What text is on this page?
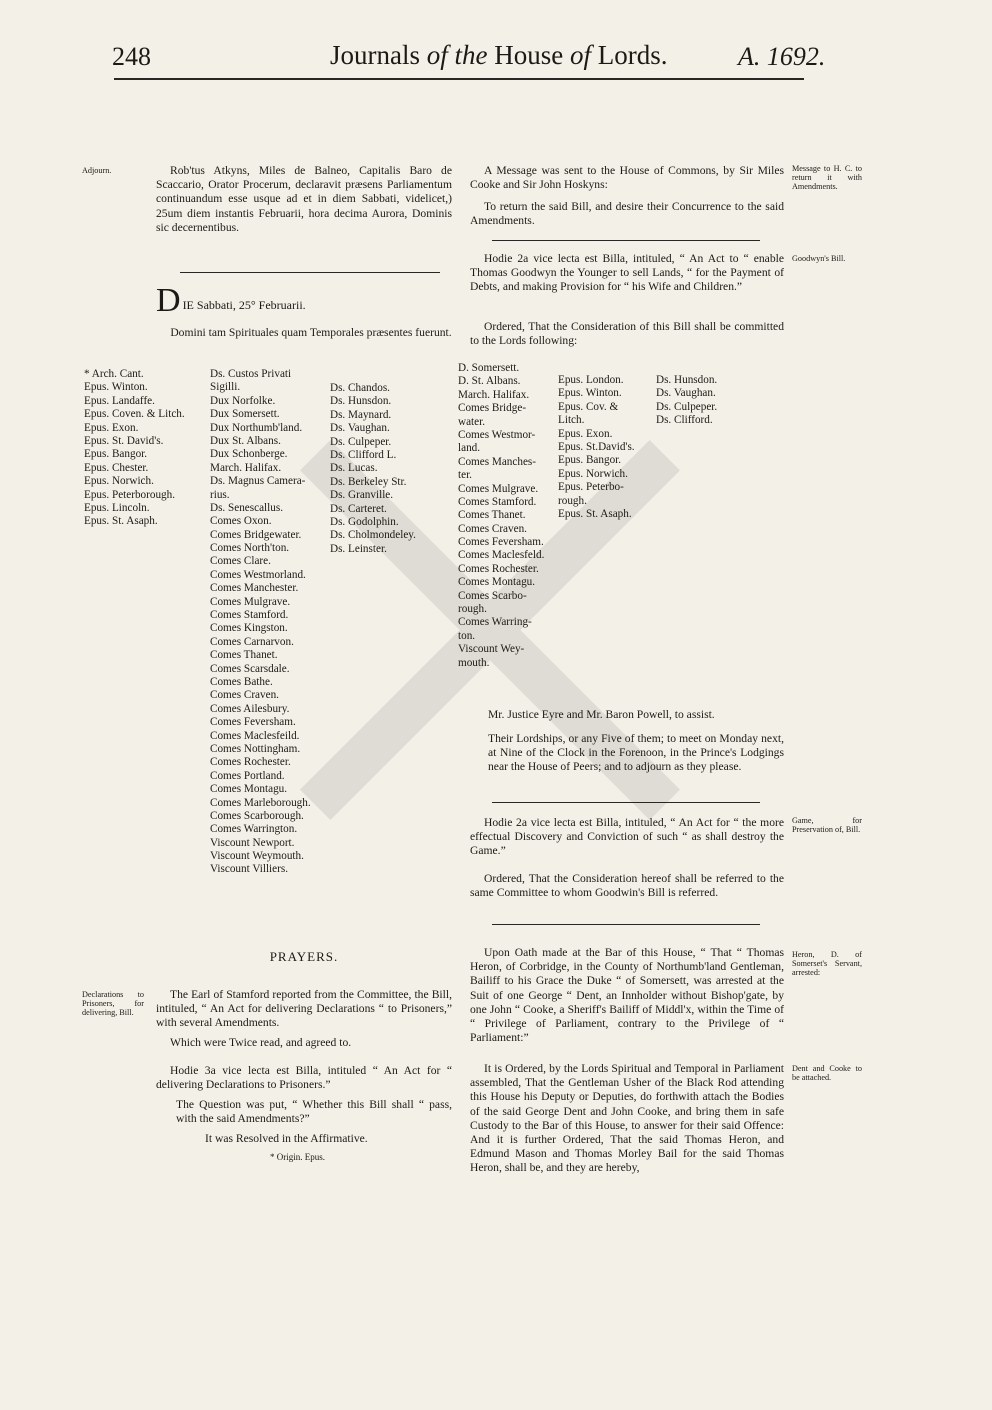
248	Journals of the House of Lords.	A. 1692.
Adjourn.	Rob'tus Atkyns, Miles de Balneo, Capitalis Baro de Scaccario, Orator Procerum, declaravit præsens Parliamentum continuandum esse usque ad et in diem Sabbati, videlicet,) 25um diem instantis Februarii, hora decima Aurora, Dominis sic decernentibus.
D IE Sabbati, 25° Februarii.
Domini tam Spirituales quam Temporales præsentes fuerunt.
* Arch. Cant.
Epus. Winton.
Epus. Landaffe.
Epus. Coven. & Litch.
Epus. Exon.
Epus. St. David's.
Epus. Bangor.
Epus. Chester.
Epus. Norwich.
Epus. Peterborough.
Epus. Lincoln.
Epus. St. Asaph.
Ds. Custos Privati
Sigilli.
Dux Norfolke.
Dux Somersett.
Dux Northumb'land.
Dux St. Albans.
Dux Schonberge.
March. Halifax.
Ds. Magnus Camera-
rius.
Ds. Senescallus.
Comes Oxon.
Comes Bridgewater.
Comes North'ton.
Comes Clare.
Comes Westmorland.
Comes Manchester.
Comes Mulgrave.
Comes Stamford.
Comes Kingston.
Comes Carnarvon.
Comes Thanet.
Comes Scarsdale.
Comes Bathe.
Comes Craven.
Comes Ailesbury.
Comes Feversham.
Comes Maclesfeild.
Comes Nottingham.
Comes Rochester.
Comes Portland.
Comes Montagu.
Comes Marleborough.
Comes Scarborough.
Comes Warrington.
Viscount Newport.
Viscount Weymouth.
Viscount Villiers.
Ds. Chandos.
Ds. Hunsdon.
Ds. Maynard.
Ds. Vaughan.
Ds. Culpeper.
Ds. Clifford L.
Ds. Lucas.
Ds. Berkeley Str.
Ds. Granville.
Ds. Carteret.
Ds. Godolphin.
Ds. Cholmondeley.
Ds. Leinster.
PRAYERS.
Declarations to Prisoners, for delivering, Bill.
The Earl of Stamford reported from the Committee, the Bill, intituled, “ An Act for delivering Declarations “ to Prisoners,” with several Amendments.
Which were Twice read, and agreed to.
Hodie 3a vice lecta est Billa, intituled “ An Act for “ delivering Declarations to Prisoners.”
The Question was put, “ Whether this Bill shall “ pass, with the said Amendments?”
It was Resolved in the Affirmative.
* Origin. Epus.
A Message was sent to the House of Commons, by Sir Miles Cooke and Sir John Hoskyns:
Message to H. C. to return it with Amendments.
To return the said Bill, and desire their Concurrence to the said Amendments.
Goodwyn's Bill.
Hodie 2a vice lecta est Billa, intituled, “ An Act to “ enable Thomas Goodwyn the Younger to sell Lands, “ for the Payment of Debts, and making Provision for “ his Wife and Children.”
Ordered, That the Consideration of this Bill shall be committed to the Lords following:
D. Somersett.
D. St. Albans.
March. Halifax.
Comes Bridge-
water.
Comes Westmor-
land.
Comes Manches-
ter.
Comes Mulgrave.
Comes Stamford.
Comes Thanet.
Comes Craven.
Comes Feversham.
Comes Maclesfeld.
Comes Rochester.
Comes Montagu.
Comes Scarbo-
rough.
Comes Warring-
ton.
Viscount Wey-
mouth.
Epus. London.
Epus. Winton.
Epus. Cov. &
Litch.
Epus. Exon.
Epus. St.David's.
Epus. Bangor.
Epus. Norwich.
Epus. Peterbo-
rough.
Epus. St. Asaph.
Ds. Hunsdon.
Ds. Vaughan.
Ds. Culpeper.
Ds. Clifford.
Mr. Justice Eyre and Mr. Baron Powell, to assist.
Their Lordships, or any Five of them; to meet on Monday next, at Nine of the Clock in the Forenoon, in the Prince's Lodgings near the House of Peers; and to adjourn as they please.
Game, for Preservation of, Bill.
Hodie 2a vice lecta est Billa, intituled, “ An Act for “ the more effectual Discovery and Conviction of such “ as shall destroy the Game.”
Ordered, That the Consideration hereof shall be referred to the same Committee to whom Goodwin's Bill is referred.
Heron, D. of Somerset's Servant, arrested:
Upon Oath made at the Bar of this House, “ That “ Thomas Heron, of Corbridge, in the County of Northumb'land Gentleman, Bailiff to his Grace the Duke “ of Somersett, was arrested at the Suit of one George “ Dent, an Innholder without Bishop'gate, by one John “ Cooke, a Sheriff's Bailiff of Middl'x, within the Time of “ Privilege of Parliament, contrary to the Privilege of “ Parliament:”
Dent and Cooke to be attached.
It is Ordered, by the Lords Spiritual and Temporal in Parliament assembled, That the Gentleman Usher of the Black Rod attending this House his Deputy or Deputies, do forthwith attach the Bodies of the said George Dent and John Cooke, and bring them in safe Custody to the Bar of this House, to answer for their said Offence: And it is further Ordered, That the said Thomas Heron, and Edmund Mason and Thomas Morley Bail for the said Thomas Heron, shall be, and they are hereby,
